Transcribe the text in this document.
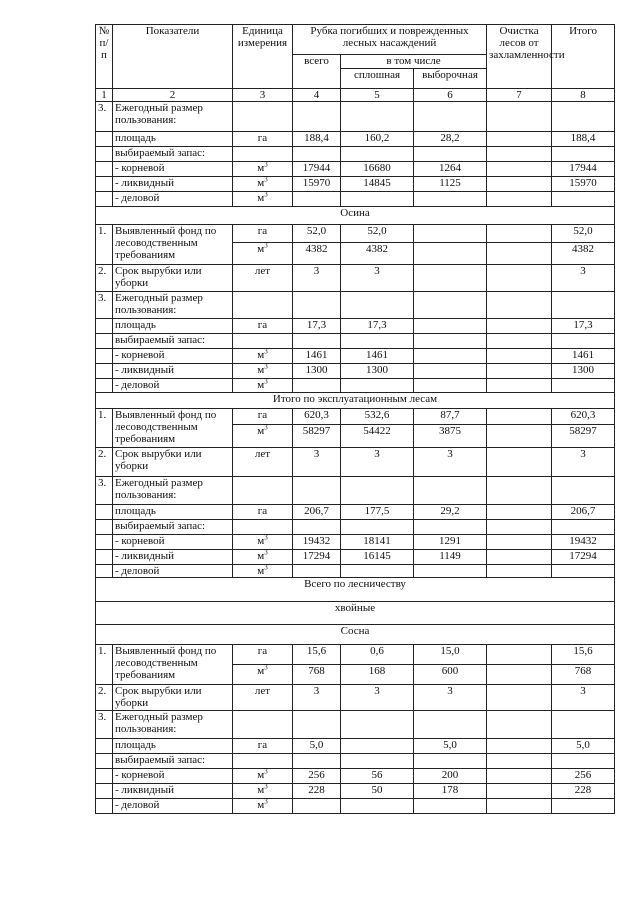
№ п/ п	Показатели	Единица измерения	Рубка погибших и поврежденных лесных насаждений			Очистка лесов от захламленности	Итого
			всего	в том числе			
				сплошная	выборочная		
1	2	3	4	5	6	7	8
3.	Ежегодный размер пользования:						
	площадь	га	188,4	160,2	28,2		188,4
	выбираемый запас:						
	- корневой	$м^3$	17944	16680	1264		17944
	- ликвидный	$м^3$	15970	14845	1125		15970
	- деловой	$м^3$					
Осина							
1.	Выявленный фонд по лесоводственным требованиям	га	52,0	52,0			52,0
		$м^3$	4382	4382			4382
2.	Срок вырубки или уборки	лет	3	3			3
3.	Ежегодный размер пользования:						
	площадь	га	17,3	17,3			17,3
	выбираемый запас:						
	- корневой	$м^3$	1461	1461			1461
	- ликвидный	$м^3$	1300	1300			1300
	- деловой	$м^3$					
Итого по эксплуатационным лесам							
1.	Выявленный фонд по лесоводственным требованиям	га	620,3	532,6	87,7		620,3
		$м^3$	58297	54422	3875		58297
2.	Срок вырубки или уборки	лет	3	3	3		3
3.	Ежегодный размер пользования:						
	площадь	га	206,7	177,5	29,2		206,7
	выбираемый запас:						
	- корневой	$м^3$	19432	18141	1291		19432
	- ликвидный	$м^3$	17294	16145	1149		17294
	- деловой	$м^3$					
Всего по лесничеству							
хвойные							
Сосна							
1.	Выявленный фонд по лесоводственным требованиям	га	15,6	0,6	15,0		15,6
		$м^3$	768	168	600		768
2.	Срок вырубки или уборки	лет	3	3	3		3
3.	Ежегодный размер пользования:						
	площадь	га	5,0		5,0		5,0
	выбираемый запас:						
	- корневой	$м^3$	256	56	200		256
	- ликвидный	$м^3$	228	50	178		228
	- деловой	$м^3$					
